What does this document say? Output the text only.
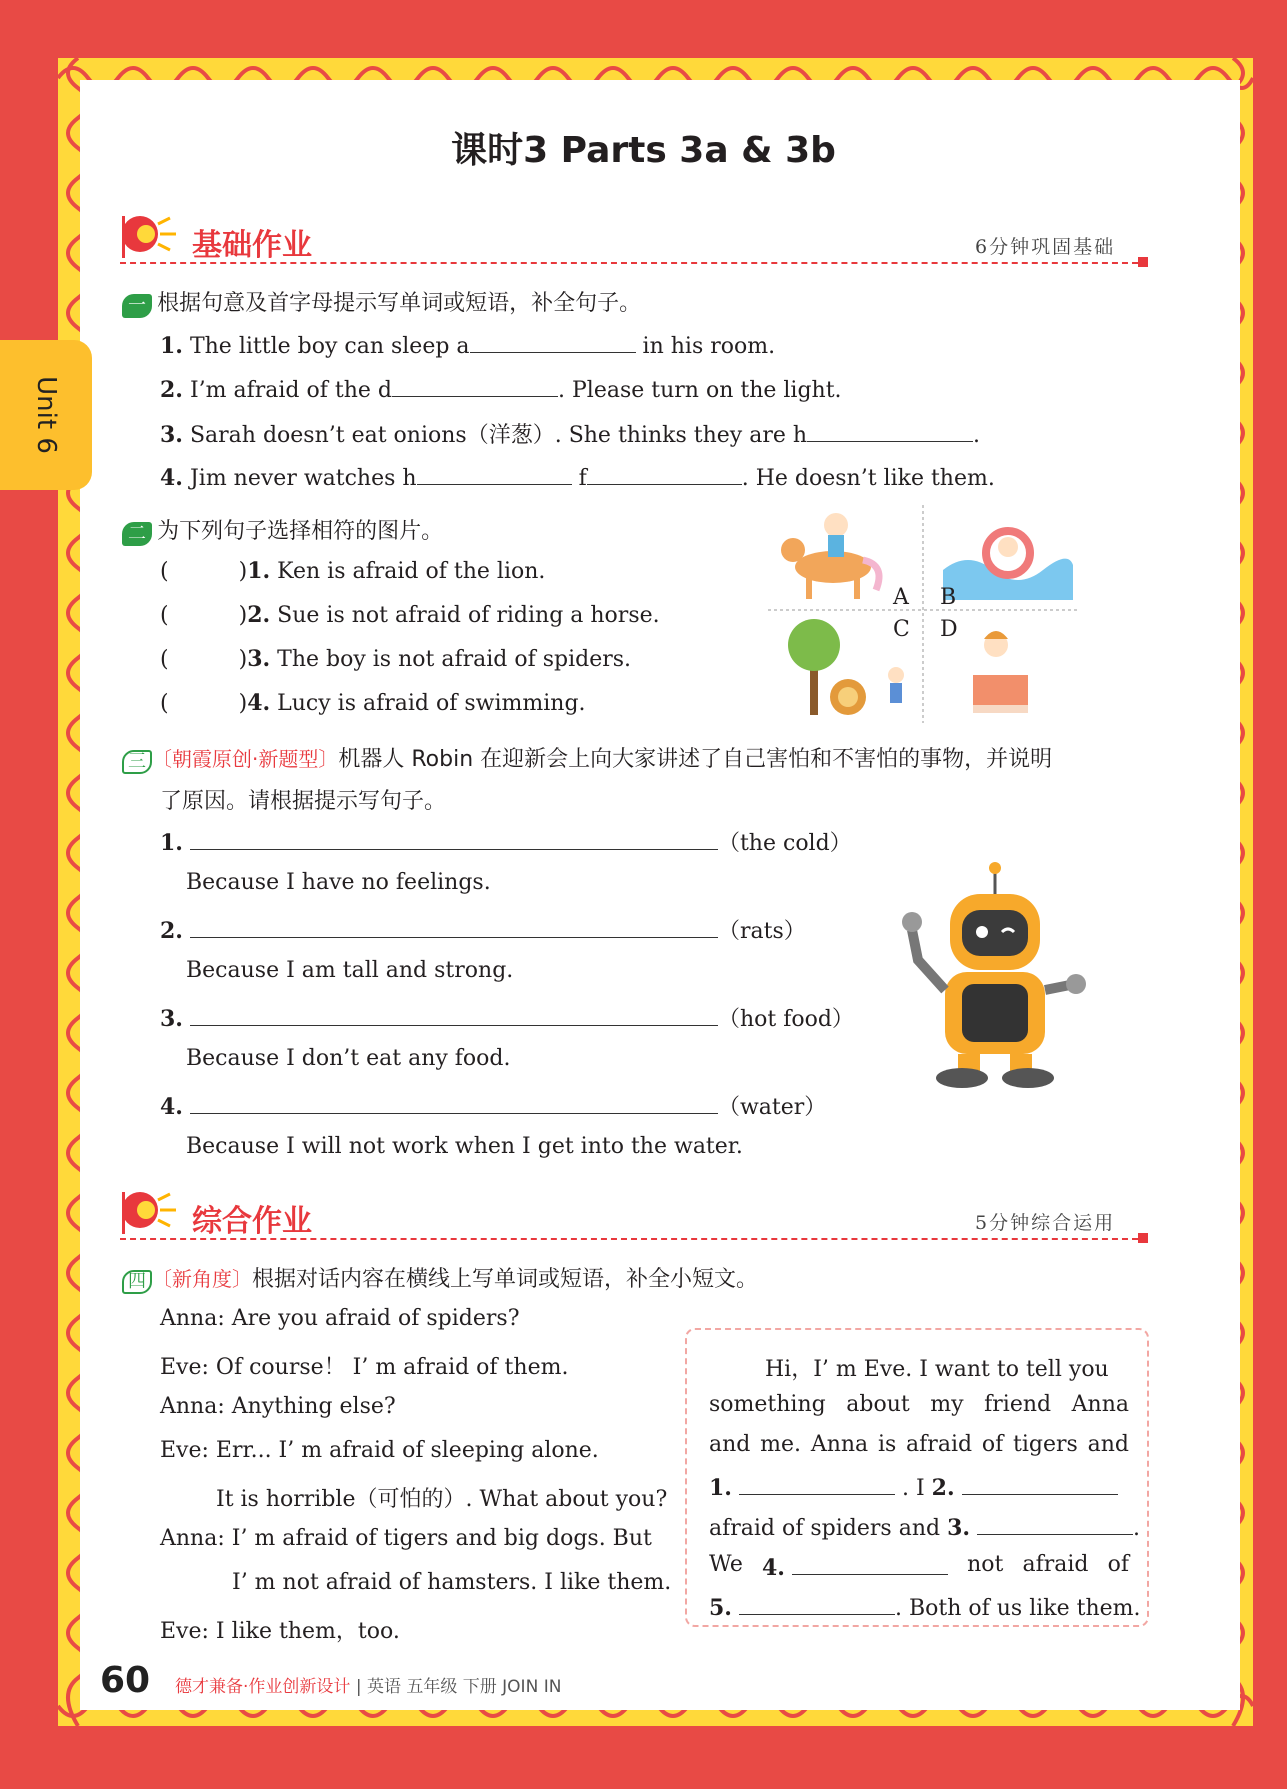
Unit 6
课时3 Parts 3a & 3b
基础作业	6分钟巩固基础
一 根据句意及首字母提示写单词或短语，补全句子。
1. The little boy can sleep a	in his room.
2. I’m afraid of the d	. Please turn on the light.
3. Sarah doesn’t eat onions（洋葱）. She thinks they are h	.
4. Jim never watches h	f	. He doesn’t like them.
二 为下列句子选择相符的图片。
(	)1. Ken is afraid of the lion.
(	)2. Sue is not afraid of riding a horse.
(	)3. The boy is not afraid of spiders.
(	)4. Lucy is afraid of swimming.
A B
C D
三 〔朝霞原创·新题型〕机器人 Robin 在迎新会上向大家讲述了自己害怕和不害怕的事物，并说明
了原因。请根据提示写句子。
1.	（the cold）
Because I have no feelings.
2.	（rats）
Because I am tall and strong.
3.	（hot food）
Because I don’t eat any food.
4.	（water）
Because I will not work when I get into the water.
综合作业	5分钟综合运用
四 〔新角度〕根据对话内容在横线上写单词或短语，补全小短文。
Anna: Are you afraid of spiders?
Eve: Of course！ I’ m afraid of them.
Anna: Anything else?
Eve: Err... I’ m afraid of sleeping alone.
It is horrible（可怕的）. What about you?
Anna: I’ m afraid of tigers and big dogs. But
I’ m not afraid of hamsters. I like them.
Eve: I like them，too.
Hi，I’ m Eve. I want to tell you
something about my friend Anna
and me. Anna is afraid of tigers and
1.	. I 2.
afraid of spiders and 3.	.
We 4.	not afraid of
5.	. Both of us like them.
60 德才兼备·作业创新设计 | 英语 五年级 下册 JOIN IN
